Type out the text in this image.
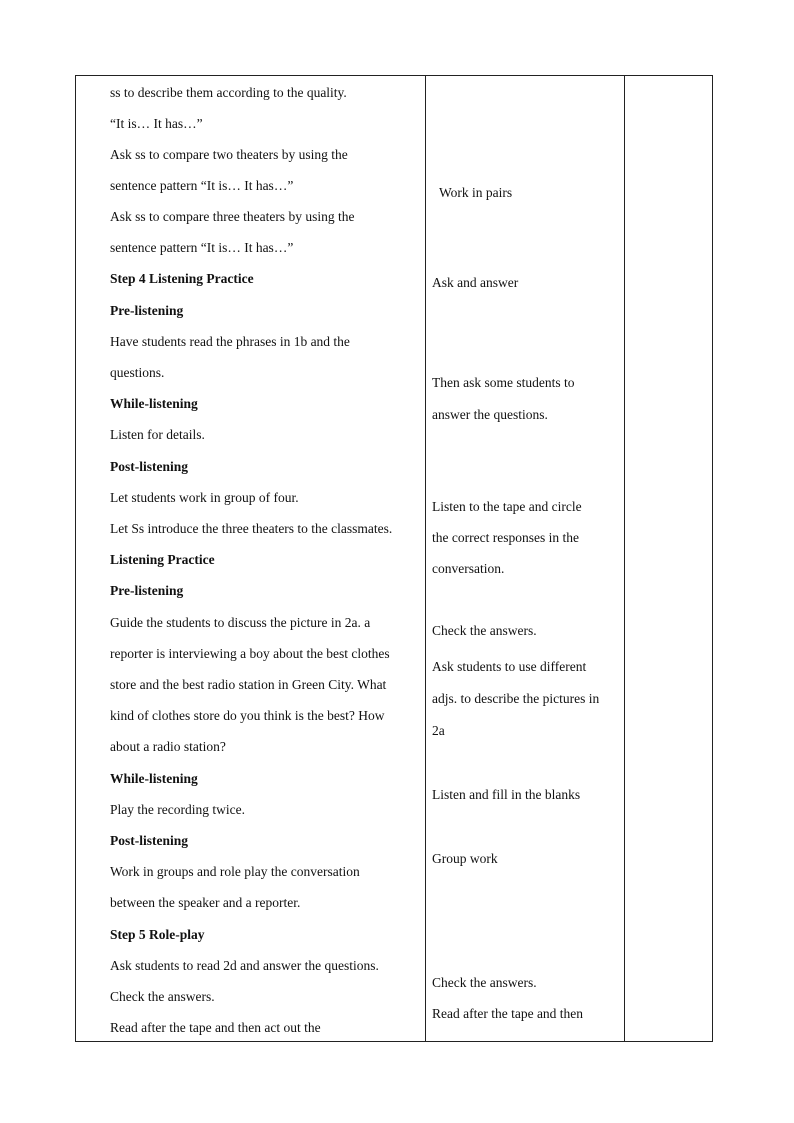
ss to describe them according to the quality.
“It is… It has…”
Ask ss to compare two theaters by using the
sentence pattern “It is… It has…”
Ask ss to compare three theaters by using the
sentence pattern “It is… It has…”
Step 4 Listening Practice
Pre-listening
Have students read the phrases in 1b and the
questions.
While-listening
Listen for details.
Post-listening
Let students work in group of four.
Let Ss introduce the three theaters to the classmates.
Listening Practice
Pre-listening
Guide the students to discuss the picture in 2a. a
reporter is interviewing a boy about the best clothes
store and the best radio station in Green City. What
kind of clothes store do you think is the best? How
about a radio station?
While-listening
Play the recording twice.
Post-listening
Work in groups and role play the conversation
between the speaker and a reporter.
Step 5 Role-play
Ask students to read 2d and answer the questions.
Check the answers.
Read after the tape and then act out the
Work in pairs
Ask and answer
Then ask some students to
answer the questions.
Listen to the tape and circle
the correct responses in the
conversation.
Check the answers.
Ask students to use different
adjs. to describe the pictures in
2a
Listen and fill in the blanks
Group work
Check the answers.
Read after the tape and then
